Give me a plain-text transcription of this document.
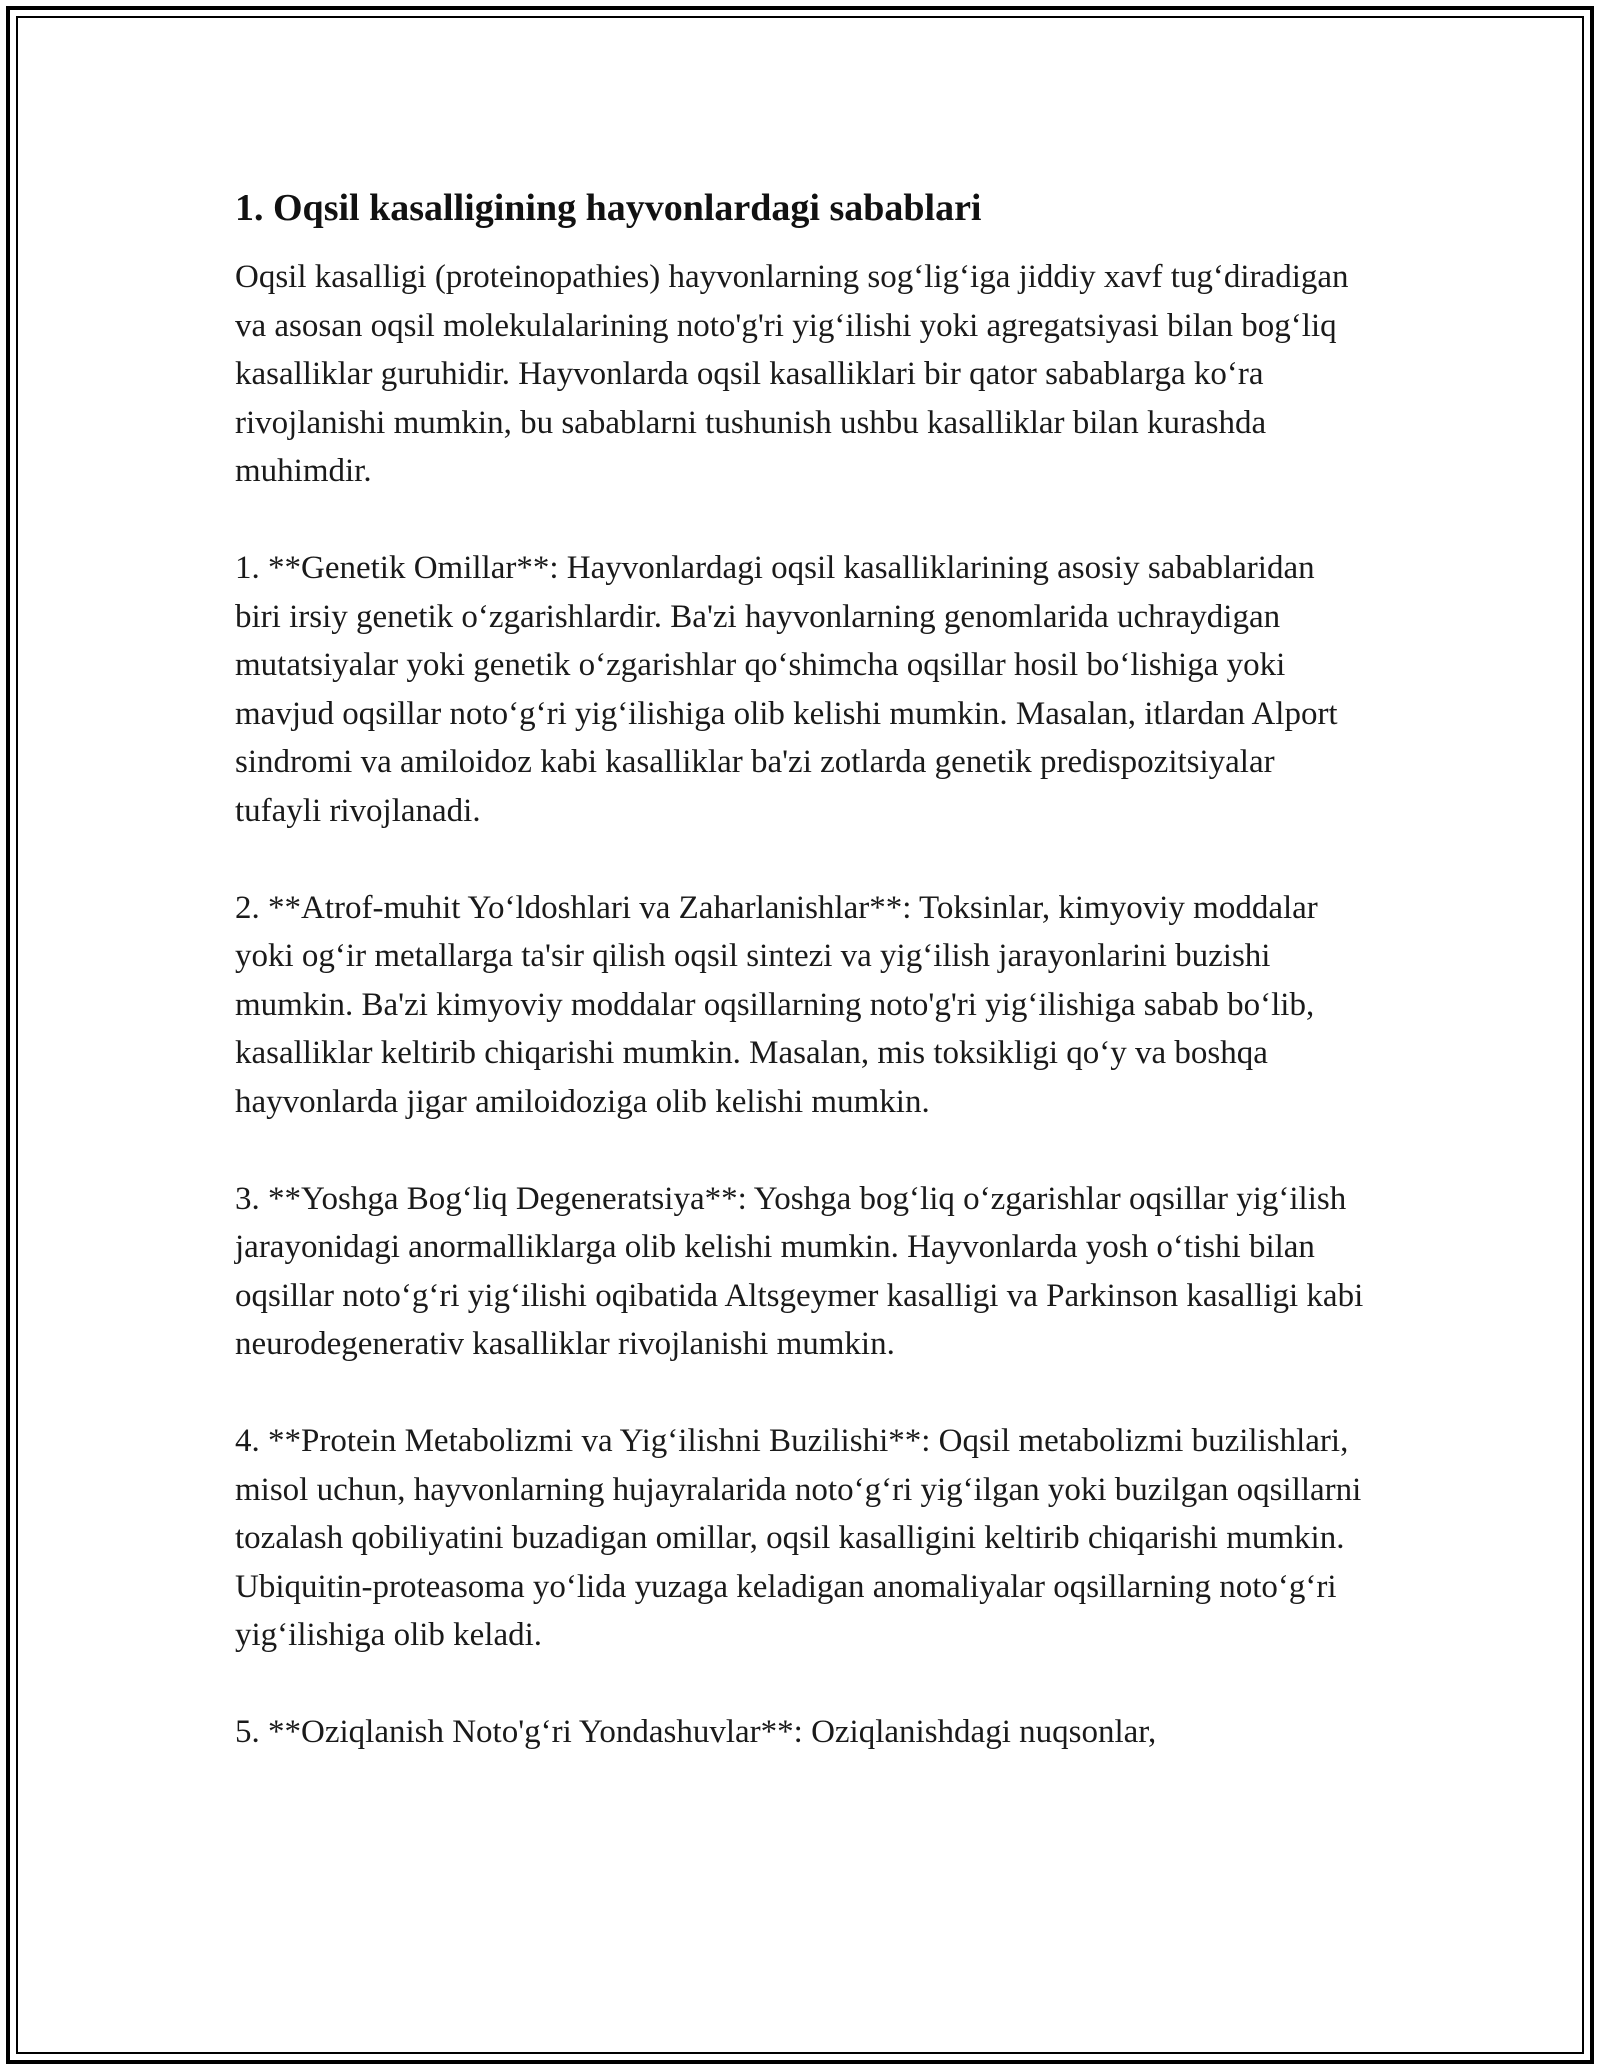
1. Oqsil kasalligining hayvonlardagi sabablari

Oqsil kasalligi (proteinopathies) hayvonlarning sog‘lig‘iga jiddiy xavf tug‘diradigan va asosan oqsil molekulalarining noto'g'ri yig‘ilishi yoki agregatsiyasi bilan bog‘liq kasalliklar guruhidir. Hayvonlarda oqsil kasalliklari bir qator sabablarga ko‘ra rivojlanishi mumkin, bu sabablarni tushunish ushbu kasalliklar bilan kurashda muhimdir.

1. **Genetik Omillar**: Hayvonlardagi oqsil kasalliklarining asosiy sabablaridan biri irsiy genetik o‘zgarishlardir. Ba'zi hayvonlarning genomlarida uchraydigan mutatsiyalar yoki genetik o‘zgarishlar qo‘shimcha oqsillar hosil bo‘lishiga yoki mavjud oqsillar noto‘g‘ri yig‘ilishiga olib kelishi mumkin. Masalan, itlardan Alport sindromi va amiloidoz kabi kasalliklar ba'zi zotlarda genetik predispozitsiyalar tufayli rivojlanadi.

2. **Atrof-muhit Yo‘ldoshlari va Zaharlanishlar**: Toksinlar, kimyoviy moddalar yoki og‘ir metallarga ta'sir qilish oqsil sintezi va yig‘ilish jarayonlarini buzishi mumkin. Ba'zi kimyoviy moddalar oqsillarning noto'g'ri yig‘ilishiga sabab bo‘lib, kasalliklar keltirib chiqarishi mumkin. Masalan, mis toksikligi qo‘y va boshqa hayvonlarda jigar amiloidoziga olib kelishi mumkin.

3. **Yoshga Bog‘liq Degeneratsiya**: Yoshga bog‘liq o‘zgarishlar oqsillar yig‘ilish jarayonidagi anormalliklarga olib kelishi mumkin. Hayvonlarda yosh o‘tishi bilan oqsillar noto‘g‘ri yig‘ilishi oqibatida Altsgeymer kasalligi va Parkinson kasalligi kabi neurodegenerativ kasalliklar rivojlanishi mumkin.

4. **Protein Metabolizmi va Yig‘ilishni Buzilishi**: Oqsil metabolizmi buzilishlari, misol uchun, hayvonlarning hujayralarida noto‘g‘ri yig‘ilgan yoki buzilgan oqsillarni tozalash qobiliyatini buzadigan omillar, oqsil kasalligini keltirib chiqarishi mumkin. Ubiquitin-proteasoma yo‘lida yuzaga keladigan anomaliyalar oqsillarning noto‘g‘ri yig‘ilishiga olib keladi.

5. **Oziqlanish Noto'g‘ri Yondashuvlar**: Oziqlanishdagi nuqsonlar,
